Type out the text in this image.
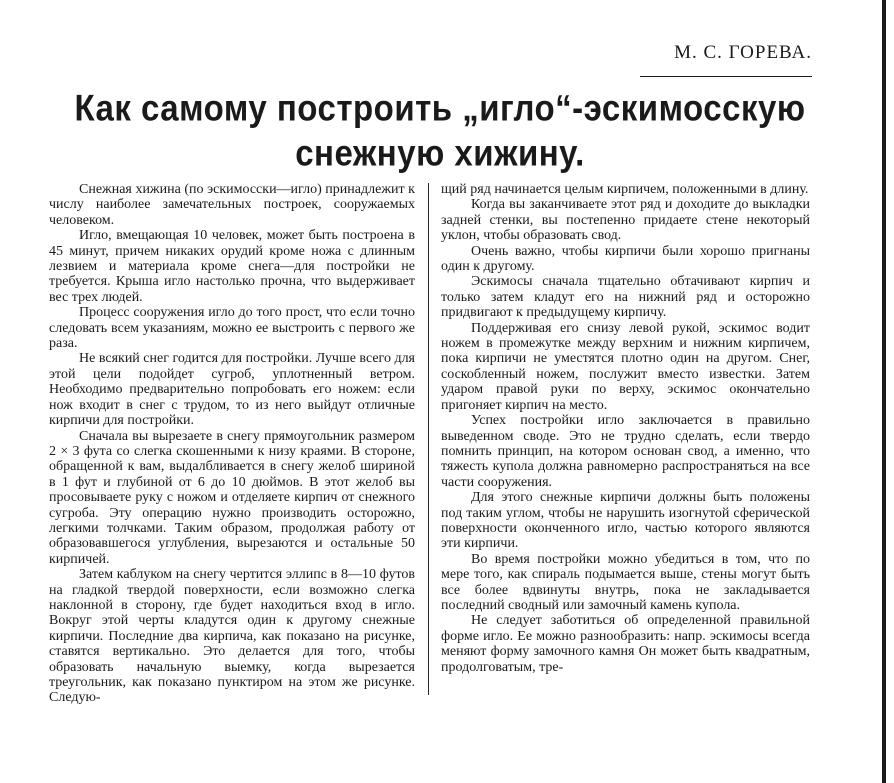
М. С. ГОРЕВА.
Как самому построить „игло“-эскимосскую
снежную хижину.

Снежная хижина (по эскимосски—игло) принадлежит к числу наиболее замечательных построек, сооружаемых человеком.

Игло, вмещающая 10 человек, может быть построена в 45 минут, причем никаких орудий кроме ножа с длинным лезвием и материала кроме снега—для постройки не требуется. Крыша игло настолько прочна, что выдерживает вес трех людей.

Процесс сооружения игло до того прост, что если точно следовать всем указаниям, можно ее выстроить с первого же раза.

Не всякий снег годится для постройки. Лучше всего для этой цели подойдет сугроб, уплотненный ветром. Необходимо предварительно попробовать его ножем: если нож входит в снег с трудом, то из него выйдут отличные кирпичи для постройки.

Сначала вы вырезаете в снегу прямоугольник размером 2 × 3 фута со слегка скошенными к низу краями. В стороне, обращенной к вам, выдалбливается в снегу желоб шириной в 1 фут и глубиной от 6 до 10 дюймов. В этот желоб вы просовываете руку с ножом и отделяете кирпич от снежного сугроба. Эту операцию нужно производить осторожно, легкими толчками. Таким образом, продолжая работу от образовавшегося углубления, вырезаются и остальные 50 кирпичей.

Затем каблуком на снегу чертится эллипс в 8—10 футов на гладкой твердой поверхности, если возможно слегка наклонной в сторону, где будет находиться вход в игло. Вокруг этой черты кладутся один к другому снежные кирпичи. Последние два кирпича, как показано на рисунке, ставятся вертикально. Это делается для того, чтобы образовать начальную выемку, когда вырезается треугольник, как показано пунктиром на этом же рисунке. Следую-

щий ряд начинается целым кирпичем, положенными в длину.

Когда вы заканчиваете этот ряд и доходите до выкладки задней стенки, вы постепенно придаете стене некоторый уклон, чтобы образовать свод.

Очень важно, чтобы кирпичи были хорошо пригнаны один к другому.

Эскимосы сначала тщательно обтачивают кирпич и только затем кладут его на нижний ряд и осторожно придвигают к предыдущему кирпичу.

Поддерживая его снизу левой рукой, эскимос водит ножем в промежутке между верхним и нижним кирпичем, пока кирпичи не уместятся плотно один на другом. Снег, соскобленный ножем, послужит вместо известки. Затем ударом правой руки по верху, эскимос окончательно пригоняет кирпич на место.

Успех постройки игло заключается в правильно выведенном своде. Это не трудно сделать, если твердо помнить принцип, на котором основан свод, а именно, что тяжесть купола должна равномерно распространяться на все части сооружения.

Для этого снежные кирпичи должны быть положены под таким углом, чтобы не нарушить изогнутой сферической поверхности оконченного игло, частью которого являются эти кирпичи.

Во время постройки можно убедиться в том, что по мере того, как спираль подымается выше, стены могут быть все более вдвинуты внутрь, пока не закладывается последний сводный или замочный камень купола.

Не следует заботиться об определенной правильной форме игло. Ее можно разнообразить: напр. эскимосы всегда меняют форму замочного камня Он может быть квадратным, продолговатым, тре-
